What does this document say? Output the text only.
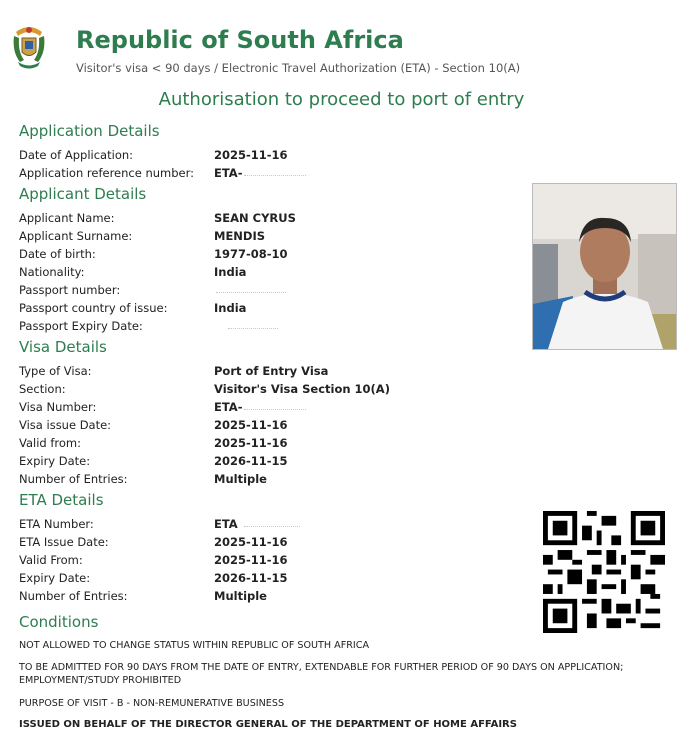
Republic of South Africa
Visitor's visa < 90 days / Electronic Travel Authorization (ETA) - Section 10(A)
Authorisation to proceed to port of entry
Application Details
Date of Application:	2025-11-16
Application reference number: ETA-
Applicant Details
Applicant Name:	SEAN CYRUS
Applicant Surname:	MENDIS
Date of birth:	1977-08-10
Nationality:	India
Passport number:
Passport country of issue:	India
Passport Expiry Date:
Visa Details
Type of Visa:	Port of Entry Visa
Section:	Visitor's Visa Section 10(A)
Visa Number:	ETA-
Visa issue Date:	2025-11-16
Valid from:	2025-11-16
Expiry Date:	2026-11-15
Number of Entries:	Multiple
ETA Details
ETA Number:	ETA
ETA Issue Date:	2025-11-16
Valid From:	2025-11-16
Expiry Date:	2026-11-15
Number of Entries:	Multiple
Conditions
NOT ALLOWED TO CHANGE STATUS WITHIN REPUBLIC OF SOUTH AFRICA
TO BE ADMITTED FOR 90 DAYS FROM THE DATE OF ENTRY, EXTENDABLE FOR FURTHER PERIOD OF 90 DAYS ON APPLICATION; EMPLOYMENT/STUDY PROHIBITED
PURPOSE OF VISIT - B - NON-REMUNERATIVE BUSINESS
ISSUED ON BEHALF OF THE DIRECTOR GENERAL OF THE DEPARTMENT OF HOME AFFAIRS
